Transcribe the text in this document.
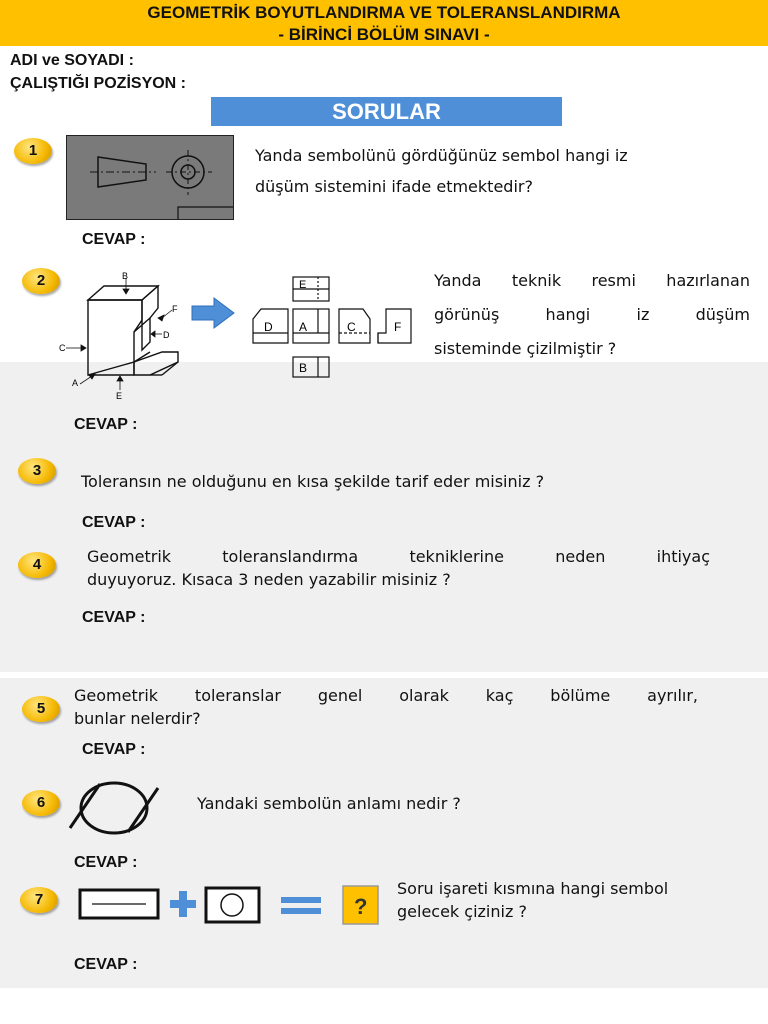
GEOMETRİK BOYUTLANDIRMA VE TOLERANSLANDIRMA
- BİRİNCİ BÖLÜM SINAVI -
ADI ve SOYADI :
ÇALIŞTIĞI POZİSYON :
SORULAR
1	Yanda sembolünü gördüğünüz sembol hangi iz
düşüm sistemini ifade etmektedir?
CEVAP :
2	B
F
D
C
A
E
E
D A	C	F
B
Yanda teknik resmi hazırlanan
görünüş hangi iz düşüm
sisteminde çizilmiştir ?
CEVAP :
3
Toleransın ne olduğunu en kısa şekilde tarif eder misiniz ?
CEVAP :
4	Geometrik toleranslandırma tekniklerine neden ihtiyaç
duyuyoruz. Kısaca 3 neden yazabilir misiniz ?
CEVAP :
5
Geometrik toleranslar genel olarak kaç bölüme ayrılır,
bunlar nelerdir?
CEVAP :
6	Yandaki sembolün anlamı nedir ?
CEVAP :
7	?
Soru işareti kısmına hangi sembol
gelecek çiziniz ?
CEVAP :
